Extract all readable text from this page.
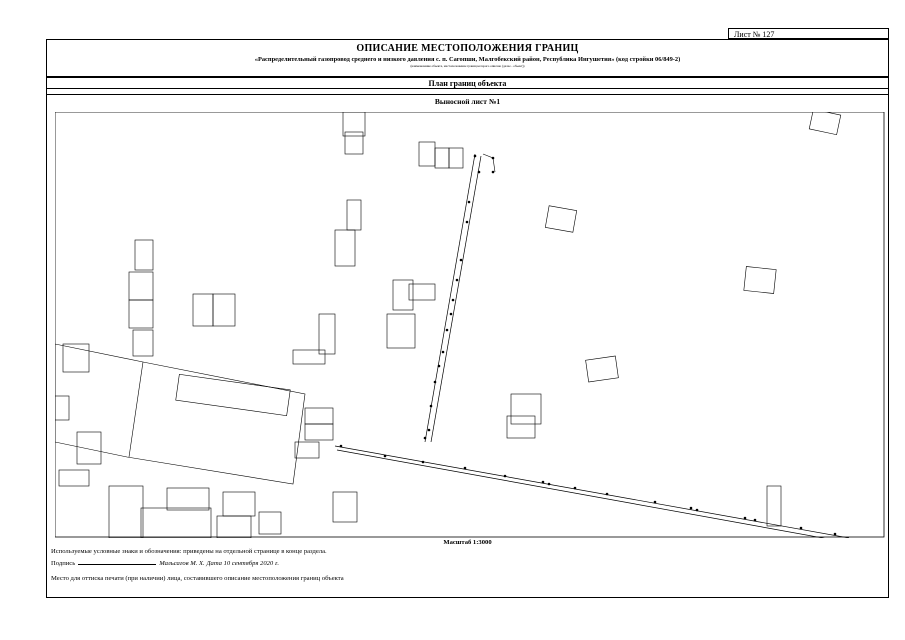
Лист № 127
ОПИСАНИЕ МЕСТОПОЛОЖЕНИЯ ГРАНИЦ
«Распределительный газопровод среднего и низкого давления с. п. Сагопши, Малгобекский район, Республика Ингушетия» (код стройки 06/849-2)
(наименование объекта, местоположение границ которого описано (далее - объект))
План границ объекта
Выносной лист №1
Масштаб 1:3000
Используемые условные знаки и обозначения: приведены на отдельной странице в конце раздела.
Подпись	Мальсагов М. Х. Дата 10 сентября 2020 г.
Место для оттиска печати (при наличии) лица, составившего описание местоположения границ объекта
